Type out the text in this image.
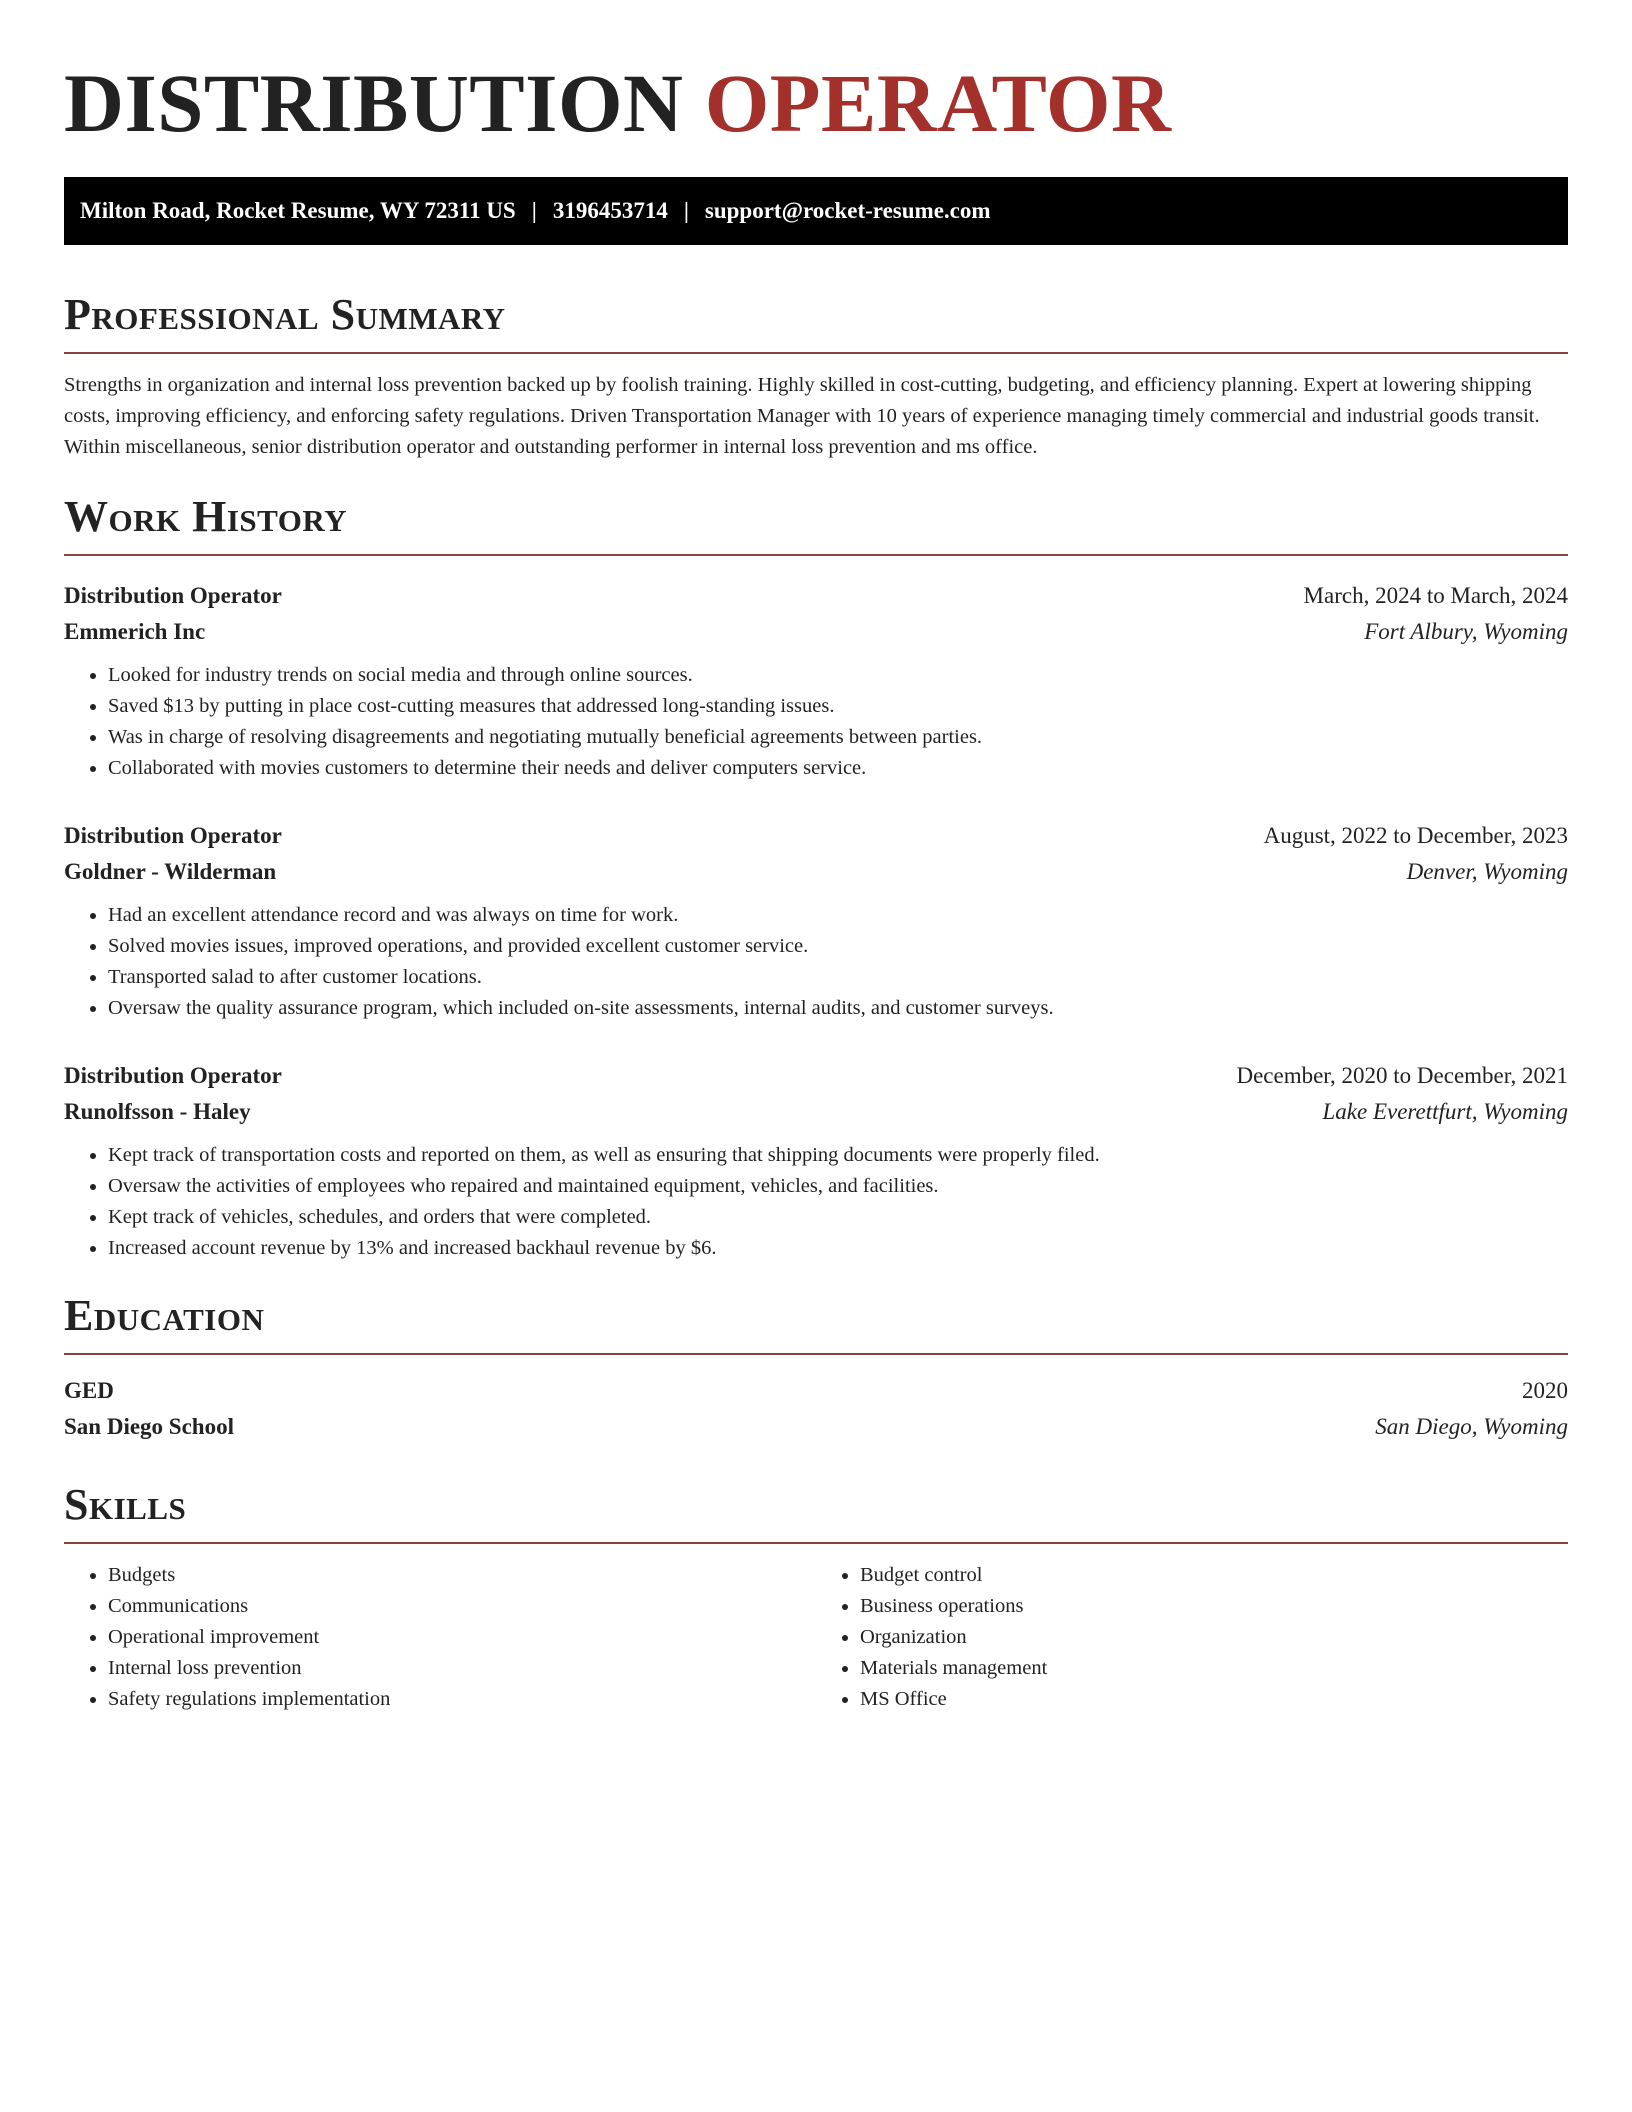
DISTRIBUTION OPERATOR
Milton Road, Rocket Resume, WY 72311 US | 3196453714 | support@rocket-resume.com
Professional Summary

Strengths in organization and internal loss prevention backed up by foolish training. Highly skilled in cost-cutting, budgeting, and efficiency planning. Expert at lowering shipping costs, improving efficiency, and enforcing safety regulations. Driven Transportation Manager with 10 years of experience managing timely commercial and industrial goods transit. Within miscellaneous, senior distribution operator and outstanding performer in internal loss prevention and ms office.

Work History
Distribution Operator	March, 2024 to March, 2024
Emmerich Inc	Fort Albury, Wyoming
• Looked for industry trends on social media and through online sources.
• Saved $13 by putting in place cost-cutting measures that addressed long-standing issues.
• Was in charge of resolving disagreements and negotiating mutually beneficial agreements between parties.
• Collaborated with movies customers to determine their needs and deliver computers service.
Distribution Operator	August, 2022 to December, 2023
Goldner - Wilderman	Denver, Wyoming
• Had an excellent attendance record and was always on time for work.
• Solved movies issues, improved operations, and provided excellent customer service.
• Transported salad to after customer locations.
• Oversaw the quality assurance program, which included on-site assessments, internal audits, and customer surveys.
Distribution Operator	December, 2020 to December, 2021
Runolfsson - Haley	Lake Everettfurt, Wyoming
• Kept track of transportation costs and reported on them, as well as ensuring that shipping documents were properly filed.
• Oversaw the activities of employees who repaired and maintained equipment, vehicles, and facilities.
• Kept track of vehicles, schedules, and orders that were completed.
• Increased account revenue by 13% and increased backhaul revenue by $6.
Education
GED	2020
San Diego School	San Diego, Wyoming
Skills
• Budgets
• Communications
• Operational improvement
• Internal loss prevention
• Safety regulations implementation
• Budget control
• Business operations
• Organization
• Materials management
• MS Office
